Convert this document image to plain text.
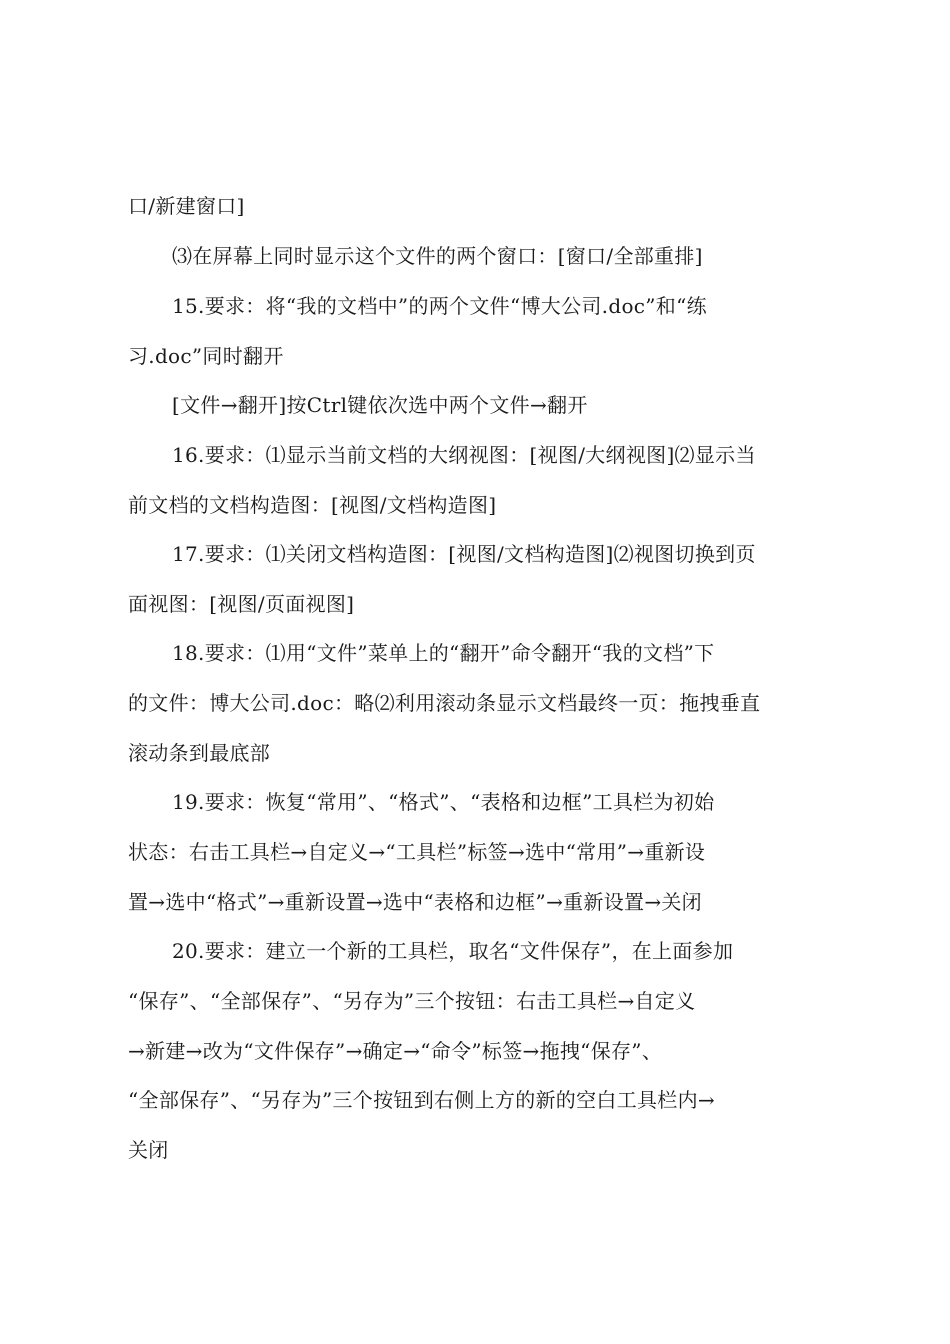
口/新建窗口]
⑶在屏幕上同时显示这个文件的两个窗口：[窗口/全部重排]
15.要求：将“我的文档中”的两个文件“博大公司.doc”和“练
习.doc”同时翻开
[文件→翻开]按Ctrl键依次选中两个文件→翻开
16.要求：⑴显示当前文档的大纲视图：[视图/大纲视图]⑵显示当
前文档的文档构造图：[视图/文档构造图]
17.要求：⑴关闭文档构造图：[视图/文档构造图]⑵视图切换到页
面视图：[视图/页面视图]
18.要求：⑴用“文件”菜单上的“翻开”命令翻开“我的文档”下
的文件：博大公司.doc：略⑵利用滚动条显示文档最终一页：拖拽垂直
滚动条到最底部
19.要求：恢复“常用”、“格式”、“表格和边框”工具栏为初始
状态：右击工具栏→自定义→“工具栏”标签→选中“常用”→重新设
置→选中“格式”→重新设置→选中“表格和边框”→重新设置→关闭
20.要求：建立一个新的工具栏，取名“文件保存”，在上面参加
“保存”、“全部保存”、“另存为”三个按钮：右击工具栏→自定义
→新建→改为“文件保存”→确定→“命令”标签→拖拽“保存”、
“全部保存”、“另存为”三个按钮到右侧上方的新的空白工具栏内→
关闭
